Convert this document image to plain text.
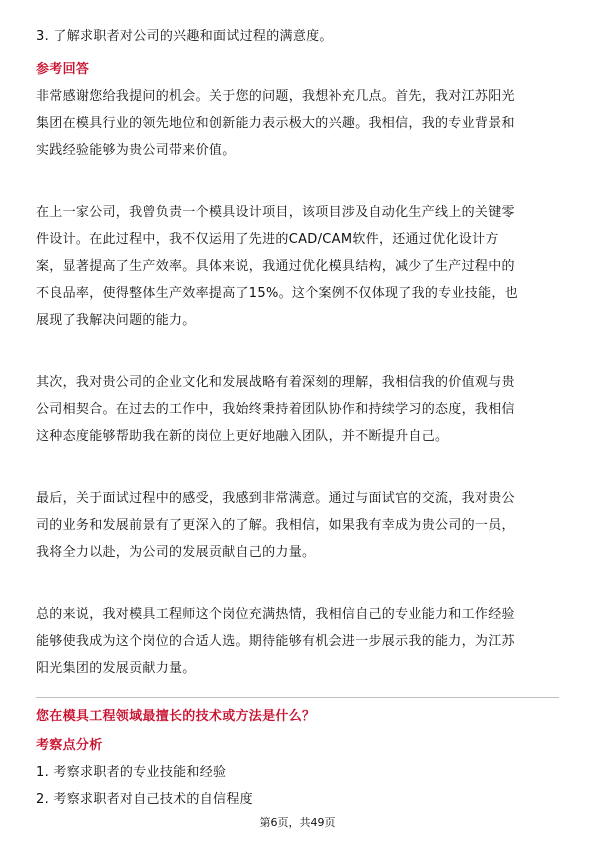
3. 了解求职者对公司的兴趣和面试过程的满意度。
参考回答
非常感谢您给我提问的机会。关于您的问题，我想补充几点。首先，我对江苏阳光
集团在模具行业的领先地位和创新能力表示极大的兴趣。我相信，我的专业背景和
实践经验能够为贵公司带来价值。
在上一家公司，我曾负责一个模具设计项目，该项目涉及自动化生产线上的关键零
件设计。在此过程中，我不仅运用了先进的CAD/CAM软件，还通过优化设计方
案，显著提高了生产效率。具体来说，我通过优化模具结构，减少了生产过程中的
不良品率，使得整体生产效率提高了15%。这个案例不仅体现了我的专业技能，也
展现了我解决问题的能力。
其次，我对贵公司的企业文化和发展战略有着深刻的理解，我相信我的价值观与贵
公司相契合。在过去的工作中，我始终秉持着团队协作和持续学习的态度，我相信
这种态度能够帮助我在新的岗位上更好地融入团队，并不断提升自己。
最后，关于面试过程中的感受，我感到非常满意。通过与面试官的交流，我对贵公
司的业务和发展前景有了更深入的了解。我相信，如果我有幸成为贵公司的一员，
我将全力以赴，为公司的发展贡献自己的力量。
总的来说，我对模具工程师这个岗位充满热情，我相信自己的专业能力和工作经验
能够使我成为这个岗位的合适人选。期待能够有机会进一步展示我的能力，为江苏
阳光集团的发展贡献力量。
您在模具工程领域最擅长的技术或方法是什么？
考察点分析
1. 考察求职者的专业技能和经验
2. 考察求职者对自己技术的自信程度
第6页，共49页
